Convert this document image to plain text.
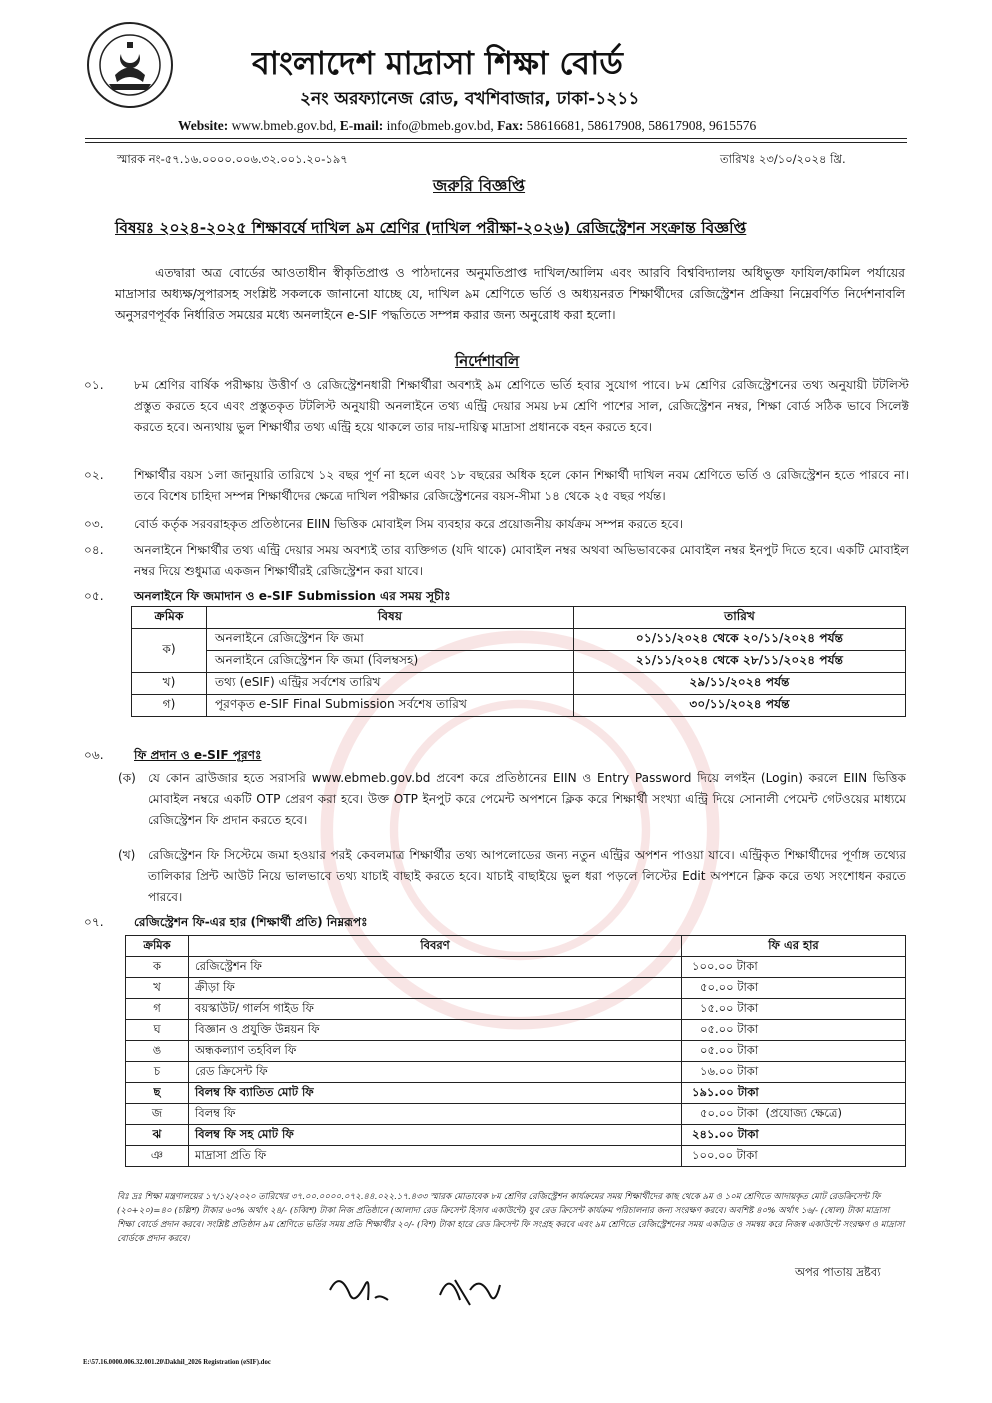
বাংলাদেশ মাদ্রাসা শিক্ষা বোর্ড
২নং অরফ্যানেজ রোড, বখশিবাজার, ঢাকা-১২১১
Website: www.bmeb.gov.bd, E-mail: info@bmeb.gov.bd, Fax: 58616681, 58617908, 58617908, 9615576
স্মারক নং-৫৭.১৬.০০০০.০০৬.৩২.০০১.২০-১৯৭	তারিখঃ ২৩/১০/২০২৪ খ্রি.
জরুরি বিজ্ঞপ্তি
বিষয়ঃ ২০২৪-২০২৫ শিক্ষাবর্ষে দাখিল ৯ম শ্রেণির (দাখিল পরীক্ষা-২০২৬) রেজিস্ট্রেশন সংক্রান্ত বিজ্ঞপ্তি
এতদ্বারা অত্র বোর্ডের আওতাধীন স্বীকৃতিপ্রাপ্ত ও পাঠদানের অনুমতিপ্রাপ্ত দাখিল/আলিম এবং আরবি বিশ্ববিদ্যালয় অধিভুক্ত ফাযিল/কামিল পর্যায়ের মাদ্রাসার অধ্যক্ষ/সুপারসহ সংশ্লিষ্ট সকলকে জানানো যাচ্ছে যে, দাখিল ৯ম শ্রেণিতে ভর্তি ও অধ্যয়নরত শিক্ষার্থীদের রেজিস্ট্রেশন প্রক্রিয়া নিম্নেবর্ণিত নির্দেশনাবলি অনুসরণপূর্বক নির্ধারিত সময়ের মধ্যে অনলাইনে e-SIF পদ্ধতিতে সম্পন্ন করার জন্য অনুরোধ করা হলো।
নির্দেশাবলি
০১.	৮ম শ্রেণির বার্ষিক পরীক্ষায় উত্তীর্ণ ও রেজিস্ট্রেশনধারী শিক্ষার্থীরা অবশ্যই ৯ম শ্রেণিতে ভর্তি হবার সুযোগ পাবে। ৮ম শ্রেণির রেজিস্ট্রেশনের তথ্য অনুযায়ী টটলিস্ট প্রস্তুত করতে হবে এবং প্রস্তুতকৃত টটলিস্ট অনুযায়ী অনলাইনে তথ্য এন্ট্রি দেয়ার সময় ৮ম শ্রেণি পাশের সাল, রেজিস্ট্রেশন নম্বর, শিক্ষা বোর্ড সঠিক ভাবে সিলেক্ট করতে হবে। অন্যথায় ভুল শিক্ষার্থীর তথ্য এন্ট্রি হয়ে থাকলে তার দায়-দায়িত্ব মাদ্রাসা প্রধানকে বহন করতে হবে।
০২.	শিক্ষার্থীর বয়স ১লা জানুয়ারি তারিখে ১২ বছর পূর্ণ না হলে এবং ১৮ বছরের অধিক হলে কোন শিক্ষার্থী দাখিল নবম শ্রেণিতে ভর্তি ও রেজিস্ট্রেশন হতে পারবে না। তবে বিশেষ চাহিদা সম্পন্ন শিক্ষার্থীদের ক্ষেত্রে দাখিল পরীক্ষার রেজিস্ট্রেশনের বয়স-সীমা ১৪ থেকে ২৫ বছর পর্যন্ত।
০৩.	বোর্ড কর্তৃক সরবরাহকৃত প্রতিষ্ঠানের EIIN ভিত্তিক মোবাইল সিম ব্যবহার করে প্রয়োজনীয় কার্যক্রম সম্পন্ন করতে হবে।
০৪.	অনলাইনে শিক্ষার্থীর তথ্য এন্ট্রি দেয়ার সময় অবশ্যই তার ব্যক্তিগত (যদি থাকে) মোবাইল নম্বর অথবা অভিভাবকের মোবাইল নম্বর ইনপুট দিতে হবে। একটি মোবাইল নম্বর দিয়ে শুধুমাত্র একজন শিক্ষার্থীরই রেজিস্ট্রেশন করা যাবে।
০৫.	অনলাইনে ফি জমাদান ও e-SIF Submission এর সময় সূচীঃ
ক্রমিক	বিষয়	তারিখ
ক)	অনলাইনে রেজিস্ট্রেশন ফি জমা	০১/১১/২০২৪ থেকে ২০/১১/২০২৪ পর্যন্ত
	অনলাইনে রেজিস্ট্রেশন ফি জমা (বিলম্বসহ)	২১/১১/২০২৪ থেকে ২৮/১১/২০২৪ পর্যন্ত
খ)	তথ্য (eSIF) এন্ট্রির সর্বশেষ তারিখ	২৯/১১/২০২৪ পর্যন্ত
গ)	পূরণকৃত e-SIF Final Submission সর্বশেষ তারিখ	৩০/১১/২০২৪ পর্যন্ত
০৬.	ফি প্রদান ও e-SIF পূরণঃ
(ক) যে কোন ব্রাউজার হতে সরাসরি www.ebmeb.gov.bd প্রবেশ করে প্রতিষ্ঠানের EIIN ও Entry Password দিয়ে লগইন (Login) করলে EIIN ভিত্তিক মোবাইল নম্বরে একটি OTP প্রেরণ করা হবে। উক্ত OTP ইনপুট করে পেমেন্ট অপশনে ক্লিক করে শিক্ষার্থী সংখ্যা এন্ট্রি দিয়ে সোনালী পেমেন্ট গেটওয়ের মাধ্যমে রেজিস্ট্রেশন ফি প্রদান করতে হবে।
(খ) রেজিস্ট্রেশন ফি সিস্টেমে জমা হওয়ার পরই কেবলমাত্র শিক্ষার্থীর তথ্য আপলোডের জন্য নতুন এন্ট্রির অপশন পাওয়া যাবে। এন্ট্রিকৃত শিক্ষার্থীদের পূর্ণাঙ্গ তথ্যের তালিকার প্রিন্ট আউট নিয়ে ভালভাবে তথ্য যাচাই বাছাই করতে হবে। যাচাই বাছাইয়ে ভুল ধরা পড়লে লিস্টের Edit অপশনে ক্লিক করে তথ্য সংশোধন করতে পারবে।
০৭.	রেজিস্ট্রেশন ফি-এর হার (শিক্ষার্থী প্রতি) নিম্নরূপঃ
ক্রমিক	বিবরণ	ফি এর হার
ক	রেজিস্ট্রেশন ফি	১০০.০০ টাকা
খ	ক্রীড়া ফি	৫০.০০ টাকা
গ	বয়স্কাউট/ গার্লস গাইড ফি	১৫.০০ টাকা
ঘ	বিজ্ঞান ও প্রযুক্তি উন্নয়ন ফি	০৫.০০ টাকা
ঙ	অন্ধকল্যাণ তহবিল ফি	০৫.০০ টাকা
চ	রেড ক্রিসেন্ট ফি	১৬.০০ টাকা
ছ	বিলম্ব ফি ব্যাতিত মোট ফি	১৯১.০০ টাকা
জ	বিলম্ব ফি	৫০.০০ টাকা (প্রযোজ্য ক্ষেত্রে)
ঝ	বিলম্ব ফি সহ মোট ফি	২৪১.০০ টাকা
ঞ	মাদ্রাসা প্রতি ফি	১০০.০০ টাকা
বিঃ দ্রঃ শিক্ষা মন্ত্রণালয়ের ১৭/১২/২০২০ তারিখের ৩৭.০০.০০০০.০৭২.৪৪.০২২.১৭.৪৩৩ স্মারক মোতাবেক ৮ম শ্রেণির রেজিস্ট্রেশন কার্যক্রমের সময় শিক্ষার্থীদের কাছ থেকে ৯ম ও ১০ম শ্রেণিতে আদায়কৃত মোট রেডক্রিসেন্ট ফি (২০+২০)=৪০ (চল্লিশ) টাকার ৬০% অর্থাৎ ২৪/- (চব্বিশ) টাকা নিজ প্রতিষ্ঠানে (আলাদা রেড ক্রিসেন্ট হিসাব একাউন্টে) যুব রেড ক্রিসেন্ট কার্যক্রম পরিচালনার জন্য সংরক্ষণ করবে। অবশিষ্ট ৪০% অর্থাৎ ১৬/- (ষোল) টাকা মাদ্রাসা শিক্ষা বোর্ডে প্রদান করবে। সংশ্লিষ্ট প্রতিষ্ঠান ৯ম শ্রেণিতে ভর্তির সময় প্রতি শিক্ষার্থীর ২০/- (বিশ) টাকা হারে রেড ক্রিসেন্ট ফি সংগ্রহ করবে এবং ৯ম শ্রেণিতে রেজিস্ট্রেশনের সময় একত্রিত ও সমন্বয় করে নিজস্ব একাউন্টে সংরক্ষণ ও মাদ্রাসা বোর্ডকে প্রদান করবে।
অপর পাতায় দ্রষ্টব্য
E:\57.16.0000.006.32.001.20\Dakhil_2026 Registration (eSIF).doc
